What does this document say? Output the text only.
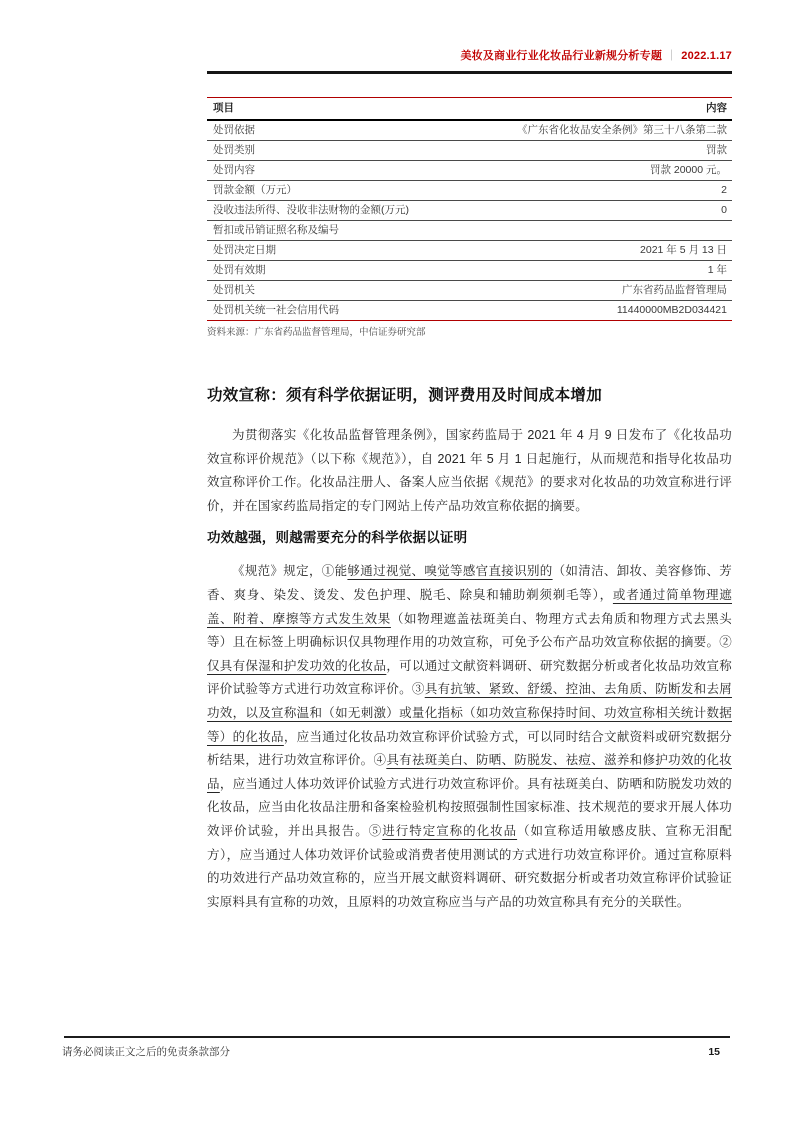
美妆及商业行业化妆品行业新规分析专题 ｜ 2022.1.17
项目	内容
处罚依据	《广东省化妆品安全条例》第三十八条第二款
处罚类别	罚款
处罚内容	罚款 20000 元。
罚款金额（万元）	2
没收违法所得、没收非法财物的金额(万元)	0
暂扣或吊销证照名称及编号	
处罚决定日期	2021 年 5 月 13 日
处罚有效期	1 年
处罚机关	广东省药品监督管理局
处罚机关统一社会信用代码	11440000MB2D034421
资料来源：广东省药品监督管理局，中信证券研究部
功效宣称：须有科学依据证明，测评费用及时间成本增加

为贯彻落实《化妆品监督管理条例》，国家药监局于 2021 年 4 月 9 日发布了《化妆品功效宣称评价规范》（以下称《规范》），自 2021 年 5 月 1 日起施行，从而规范和指导化妆品功效宣称评价工作。化妆品注册人、备案人应当依据《规范》的要求对化妆品的功效宣称进行评价，并在国家药监局指定的专门网站上传产品功效宣称依据的摘要。

功效越强，则越需要充分的科学依据以证明

《规范》规定，①能够通过视觉、嗅觉等感官直接识别的（如清洁、卸妆、美容修饰、芳香、爽身、染发、烫发、发色护理、脱毛、除臭和辅助剃须剃毛等），或者通过简单物理遮盖、附着、摩擦等方式发生效果（如物理遮盖祛斑美白、物理方式去角质和物理方式去黑头等）且在标签上明确标识仅具物理作用的功效宣称，可免予公布产品功效宣称依据的摘要。②仅具有保湿和护发功效的化妆品，可以通过文献资料调研、研究数据分析或者化妆品功效宣称评价试验等方式进行功效宣称评价。③具有抗皱、紧致、舒缓、控油、去角质、防断发和去屑功效，以及宣称温和（如无刺激）或量化指标（如功效宣称保持时间、功效宣称相关统计数据等）的化妆品，应当通过化妆品功效宣称评价试验方式，可以同时结合文献资料或研究数据分析结果，进行功效宣称评价。④具有祛斑美白、防晒、防脱发、祛痘、滋养和修护功效的化妆品，应当通过人体功效评价试验方式进行功效宣称评价。具有祛斑美白、防晒和防脱发功效的化妆品，应当由化妆品注册和备案检验机构按照强制性国家标准、技术规范的要求开展人体功效评价试验，并出具报告。⑤进行特定宣称的化妆品（如宣称适用敏感皮肤、宣称无泪配方），应当通过人体功效评价试验或消费者使用测试的方式进行功效宣称评价。通过宣称原料的功效进行产品功效宣称的，应当开展文献资料调研、研究数据分析或者功效宣称评价试验证实原料具有宣称的功效，且原料的功效宣称应当与产品的功效宣称具有充分的关联性。

请务必阅读正文之后的免责条款部分	15
